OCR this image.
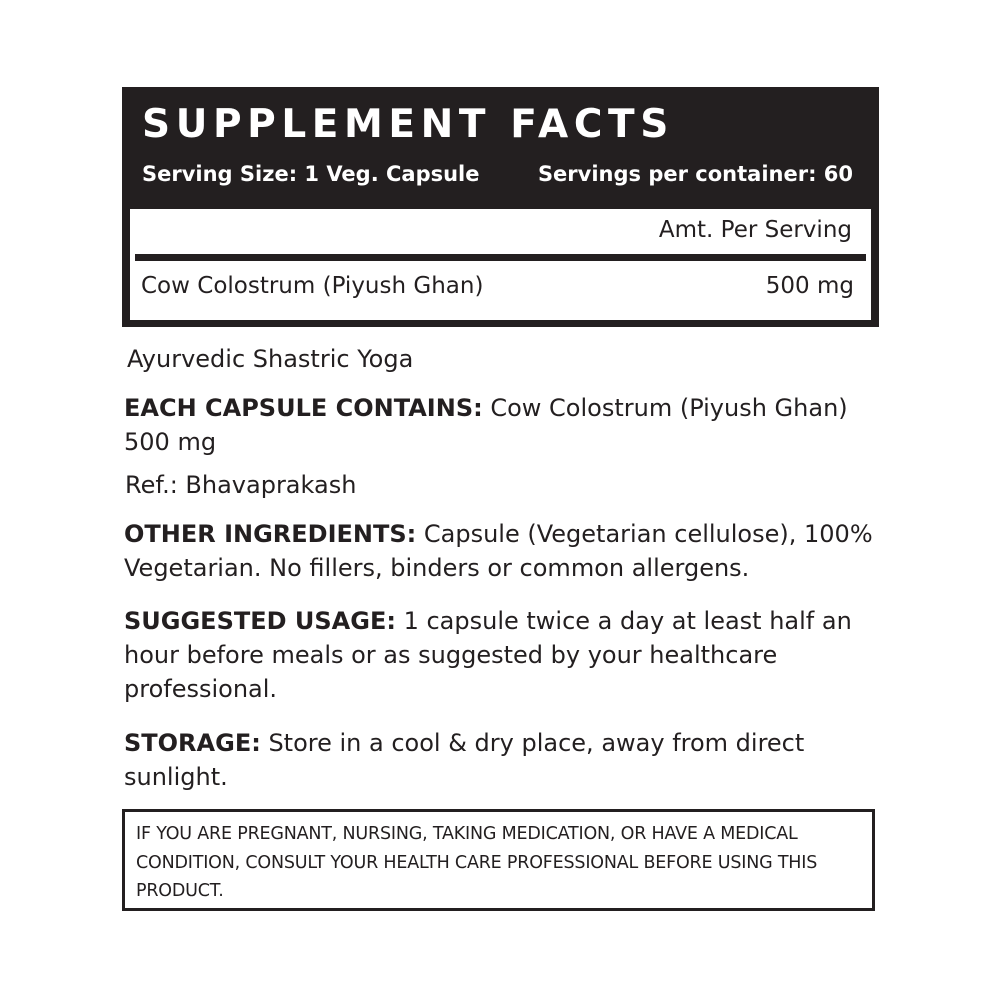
SUPPLEMENT FACTS
Serving Size: 1 Veg. Capsule	Servings per container: 60
Amt. Per Serving
Cow Colostrum (Piyush Ghan)	500 mg

Ayurvedic Shastric Yoga

EACH CAPSULE CONTAINS: Cow Colostrum (Piyush Ghan) 500 mg

Ref.: Bhavaprakash

OTHER INGREDIENTS: Capsule (Vegetarian cellulose), 100% Vegetarian. No fillers, binders or common allergens.

SUGGESTED USAGE: 1 capsule twice a day at least half an hour before meals or as suggested by your healthcare professional.

STORAGE: Store in a cool & dry place, away from direct sunlight.

IF YOU ARE PREGNANT, NURSING, TAKING MEDICATION, OR HAVE A MEDICAL CONDITION, CONSULT YOUR HEALTH CARE PROFESSIONAL BEFORE USING THIS PRODUCT.
